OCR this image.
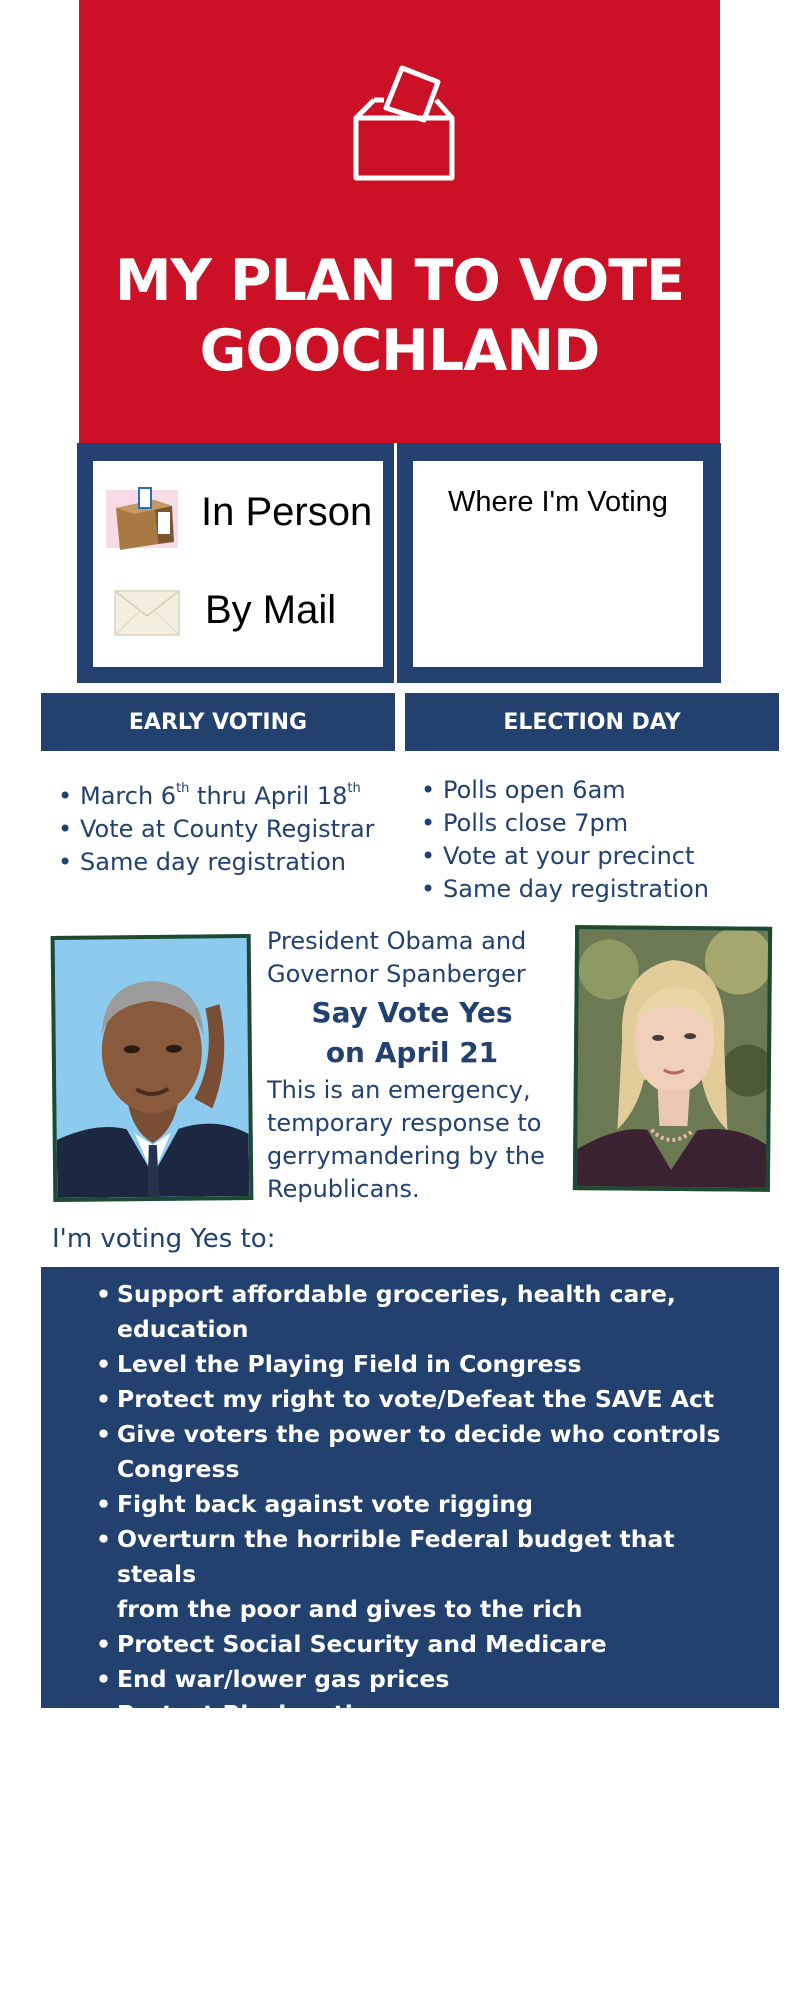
MY PLAN TO VOTE
GOOCHLAND
In Person
By Mail
Where I'm Voting
EARLY VOTING	ELECTION DAY
• March 6th thru April 18th
• Vote at County Registrar
• Same day registration
• Polls open 6am
• Polls close 7pm
• Vote at your precinct
• Same day registration
President Obama and
Governor Spanberger
Say Vote Yes
on April 21
This is an emergency,
temporary response to
gerrymandering by the
Republicans.
I'm voting Yes to:
• Support affordable groceries, health care,
education
• Level the Playing Field in Congress
• Protect my right to vote/Defeat the SAVE Act
• Give voters the power to decide who controls
Congress
• Fight back against vote rigging
• Overturn the horrible Federal budget that steals
from the poor and gives to the rich
• Protect Social Security and Medicare
• End war/lower gas prices
• Protect Black voting power
